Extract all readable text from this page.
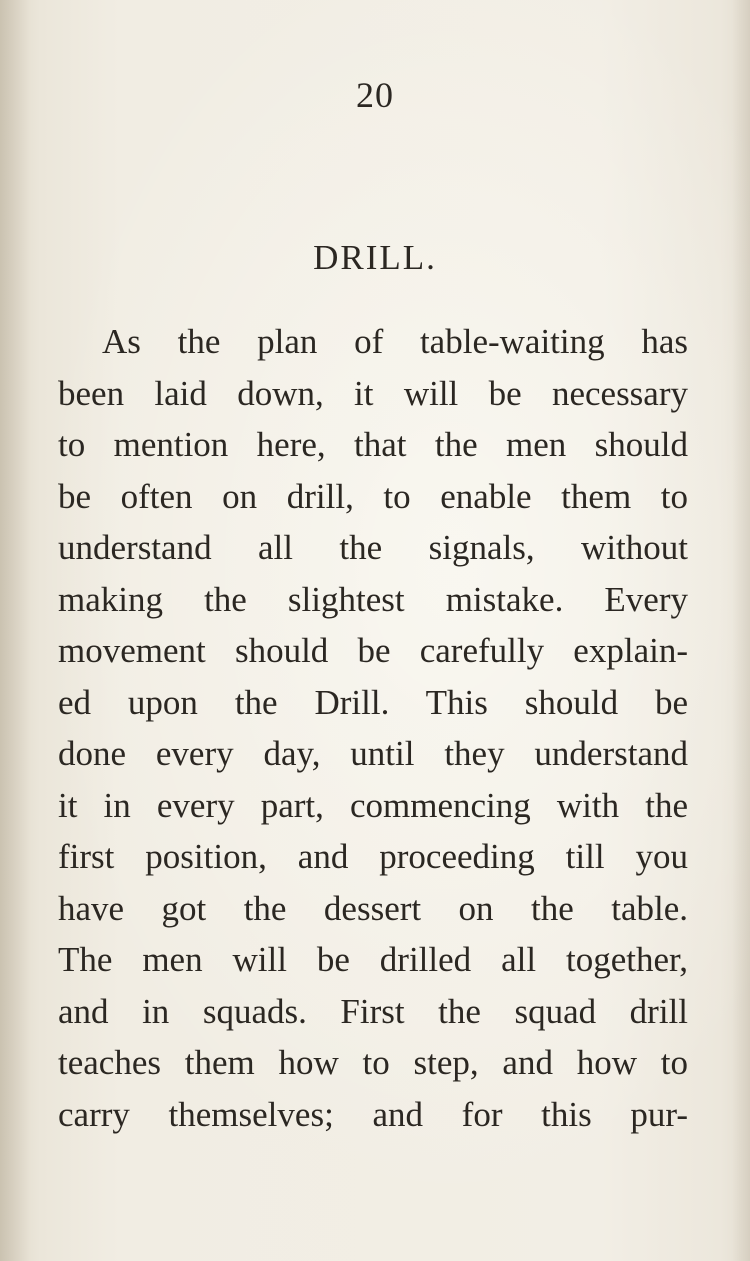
20
DRILL.
As the plan of table-waiting has
been laid down, it will be necessary
to mention here, that the men should
be often on drill, to enable them to
understand all the signals, without
making the slightest mistake. Every
movement should be carefully explain-
ed upon the Drill. This should be
done every day, until they understand
it in every part, commencing with the
first position, and proceeding till you
have got the dessert on the table.
The men will be drilled all together,
and in squads. First the squad drill
teaches them how to step, and how to
carry themselves; and for this pur-
